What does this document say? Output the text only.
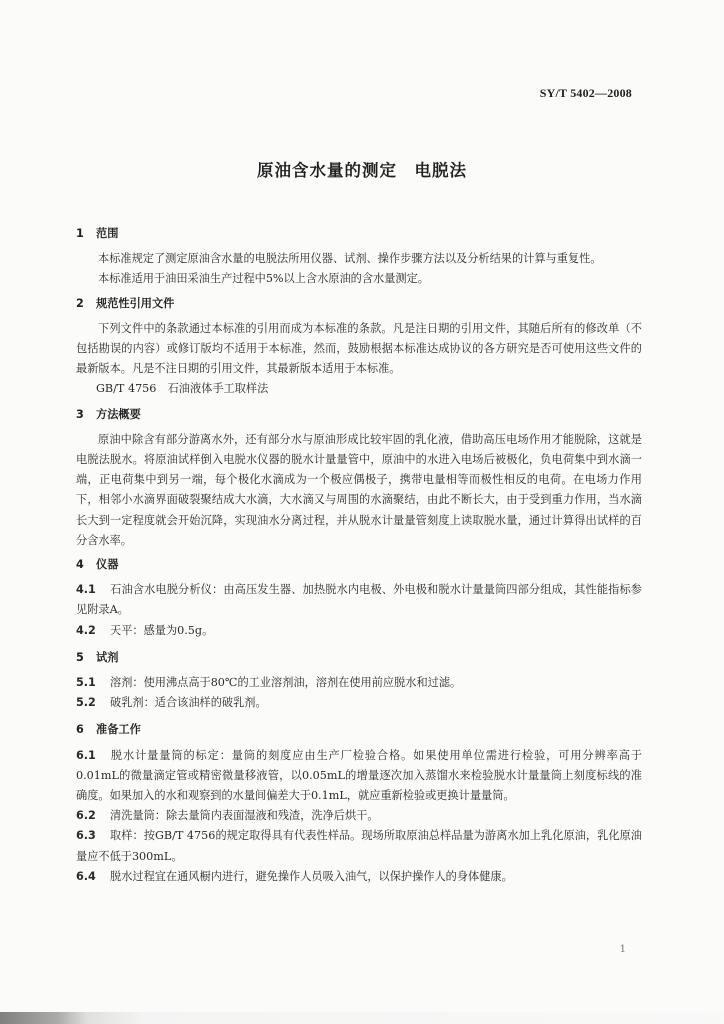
SY/T 5402—2008
原油含水量的测定　电脱法
1 范围

本标准规定了测定原油含水量的电脱法所用仪器、试剂、操作步骤方法以及分析结果的计算与重复性。

本标准适用于油田采油生产过程中5%以上含水原油的含水量测定。

2 规范性引用文件

下列文件中的条款通过本标准的引用而成为本标准的条款。凡是注日期的引用文件，其随后所有的修改单（不包括勘误的内容）或修订版均不适用于本标准，然而，鼓励根据本标准达成协议的各方研究是否可使用这些文件的最新版本。凡是不注日期的引用文件，其最新版本适用于本标准。

GB/T 4756　石油液体手工取样法

3 方法概要

原油中除含有部分游离水外，还有部分水与原油形成比较牢固的乳化液，借助高压电场作用才能脱除，这就是电脱法脱水。将原油试样倒入电脱水仪器的脱水计量量管中，原油中的水进入电场后被极化，负电荷集中到水滴一端，正电荷集中到另一端，每个极化水滴成为一个极应偶极子，携带电量相等而极性相反的电荷。在电场力作用下，相邻小水滴界面破裂聚结成大水滴，大水滴又与周围的水滴聚结，由此不断长大，由于受到重力作用，当水滴长大到一定程度就会开始沉降，实现油水分离过程，并从脱水计量量管刻度上读取脱水量，通过计算得出试样的百分含水率。

4 仪器

4.1 石油含水电脱分析仪：由高压发生器、加热脱水内电极、外电极和脱水计量量筒四部分组成，其性能指标参见附录A。

4.2 天平：感量为0.5g。

5 试剂

5.1 溶剂：使用沸点高于80℃的工业溶剂油，溶剂在使用前应脱水和过滤。

5.2 破乳剂：适合该油样的破乳剂。

6 准备工作

6.1 脱水计量量筒的标定：量筒的刻度应由生产厂检验合格。如果使用单位需进行检验，可用分辨率高于0.01mL的微量滴定管或精密微量移液管，以0.05mL的增量逐次加入蒸馏水来检验脱水计量量筒上刻度标线的准确度。如果加入的水和观察到的水量间偏差大于0.1mL，就应重新检验或更换计量量筒。

6.2 清洗量筒：除去量筒内表面湿液和残渣，洗净后烘干。

6.3 取样：按GB/T 4756的规定取得具有代表性样品。现场所取原油总样品量为游离水加上乳化原油，乳化原油量应不低于300mL。

6.4 脱水过程宜在通风橱内进行，避免操作人员吸入油气，以保护操作人的身体健康。

1
